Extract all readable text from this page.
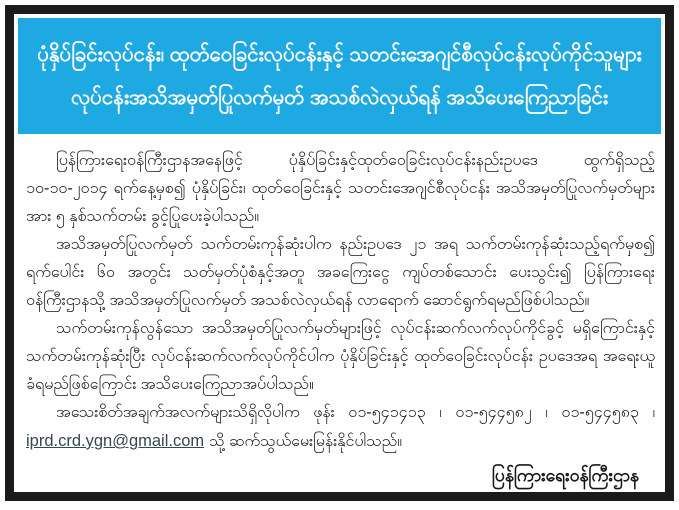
ပုံနှိပ်ခြင်းလုပ်ငန်း၊ ထုတ်ဝေခြင်းလုပ်ငန်းနှင့် သတင်းအေဂျင်စီလုပ်ငန်းလုပ်ကိုင်သူများ
လုပ်ငန်းအသိအမှတ်ပြုလက်မှတ် အသစ်လဲလှယ်ရန် အသိပေးကြေညာခြင်း

ပြန်ကြားရေးဝန်ကြီးဌာနအနေဖြင့် ပုံနှိပ်ခြင်းနှင့်ထုတ်ဝေခြင်းလုပ်ငန်းနည်းဥပဒေ ထွက်ရှိသည့် ၁၀-၁၀-၂၀၁၄ ရက်နေ့မှစ၍ ပုံနှိပ်ခြင်း၊ ထုတ်ဝေခြင်းနှင့် သတင်းအေဂျင်စီလုပ်ငန်း အသိအမှတ်ပြုလက်မှတ်များအား ၅ နှစ်သက်တမ်း ခွင့်ပြုပေးခဲ့ပါသည်။

အသိအမှတ်ပြုလက်မှတ် သက်တမ်းကုန်ဆုံးပါက နည်းဥပဒေ ၂၁ အရ သက်တမ်းကုန်ဆုံးသည့်ရက်မှစ၍ ရက်ပေါင်း ၆၀ အတွင်း သတ်မှတ်ပုံစံနှင့်အတူ အခကြေးငွေ ကျပ်တစ်သောင်း ပေးသွင်း၍ ပြန်ကြားရေးဝန်ကြီးဌာနသို့ အသိအမှတ်ပြုလက်မှတ် အသစ်လဲလှယ်ရန် လာရောက် ဆောင်ရွက်ရမည်ဖြစ်ပါသည်။

သက်တမ်းကုန်လွန်သော အသိအမှတ်ပြုလက်မှတ်များဖြင့် လုပ်ငန်းဆက်လက်လုပ်ကိုင်ခွင့် မရှိကြောင်းနှင့် သက်တမ်းကုန်ဆုံးပြီး လုပ်ငန်းဆက်လက်လုပ်ကိုင်ပါက ပုံနှိပ်ခြင်းနှင့် ထုတ်ဝေခြင်းလုပ်ငန်း ဥပဒေအရ အရေးယူခံရမည်ဖြစ်ကြောင်း အသိပေးကြေညာအပ်ပါသည်။

အသေးစိတ်အချက်အလက်များသိရှိလိုပါက ဖုန်း ၀၁-၅၄၁၄၁၃ ၊ ၀၁-၅၄၄၅၈၂ ၊ ၀၁-၅၄၄၅၈၃ ၊ iprd.crd.ygn@gmail.com သို့ ဆက်သွယ်မေးမြန်းနိုင်ပါသည်။

ပြန်ကြားရေးဝန်ကြီးဌာန
